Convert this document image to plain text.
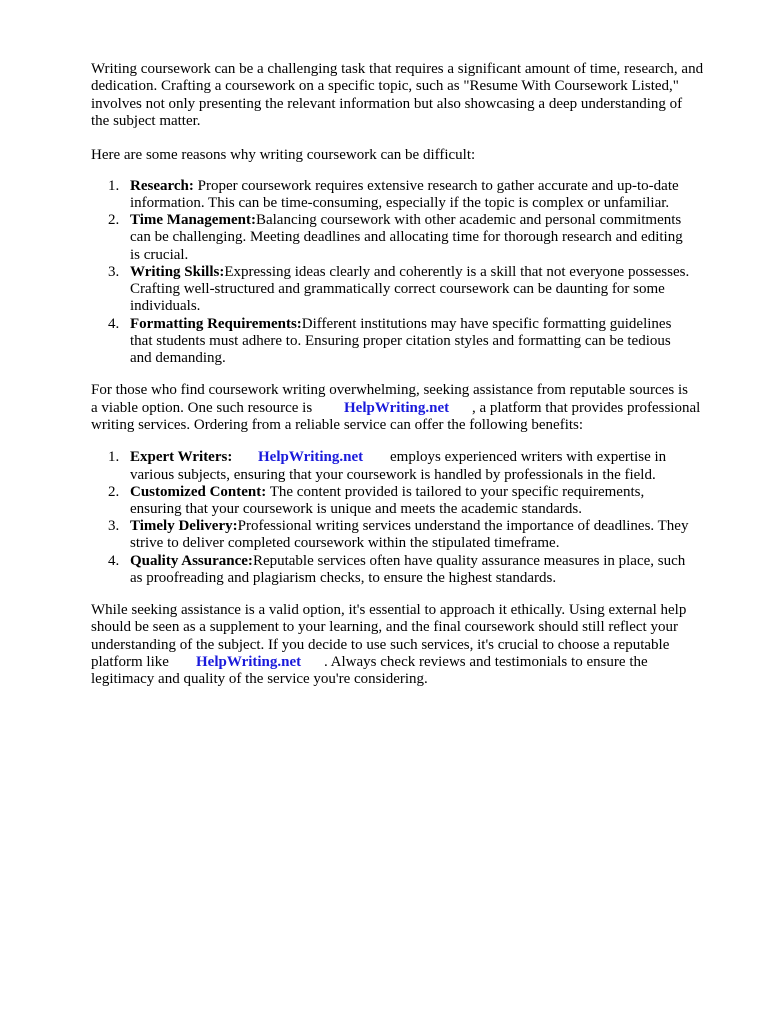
Writing coursework can be a challenging task that requires a significant amount of time, research, and
dedication. Crafting a coursework on a specific topic, such as "Resume With Coursework Listed,"
involves not only presenting the relevant information but also showcasing a deep understanding of
the subject matter.
Here are some reasons why writing coursework can be difficult:
1. Research: Proper coursework requires extensive research to gather accurate and up-to-date
information. This can be time-consuming, especially if the topic is complex or unfamiliar.
2. Time Management:Balancing coursework with other academic and personal commitments
can be challenging. Meeting deadlines and allocating time for thorough research and editing
is crucial.
3. Writing Skills:Expressing ideas clearly and coherently is a skill that not everyone possesses.
Crafting well-structured and grammatically correct coursework can be daunting for some
individuals.
4. Formatting Requirements:Different institutions may have specific formatting guidelines
that students must adhere to. Ensuring proper citation styles and formatting can be tedious
and demanding.
For those who find coursework writing overwhelming, seeking assistance from reputable sources is
a viable option. One such resource is HelpWriting.net , a platform that provides professional
writing services. Ordering from a reliable service can offer the following benefits:
1. Expert Writers: HelpWriting.net employs experienced writers with expertise in
various subjects, ensuring that your coursework is handled by professionals in the field.
2. Customized Content: The content provided is tailored to your specific requirements,
ensuring that your coursework is unique and meets the academic standards.
3. Timely Delivery:Professional writing services understand the importance of deadlines. They
strive to deliver completed coursework within the stipulated timeframe.
4. Quality Assurance:Reputable services often have quality assurance measures in place, such
as proofreading and plagiarism checks, to ensure the highest standards.
While seeking assistance is a valid option, it's essential to approach it ethically. Using external help
should be seen as a supplement to your learning, and the final coursework should still reflect your
understanding of the subject. If you decide to use such services, it's crucial to choose a reputable
platform like HelpWriting.net . Always check reviews and testimonials to ensure the
legitimacy and quality of the service you're considering.
